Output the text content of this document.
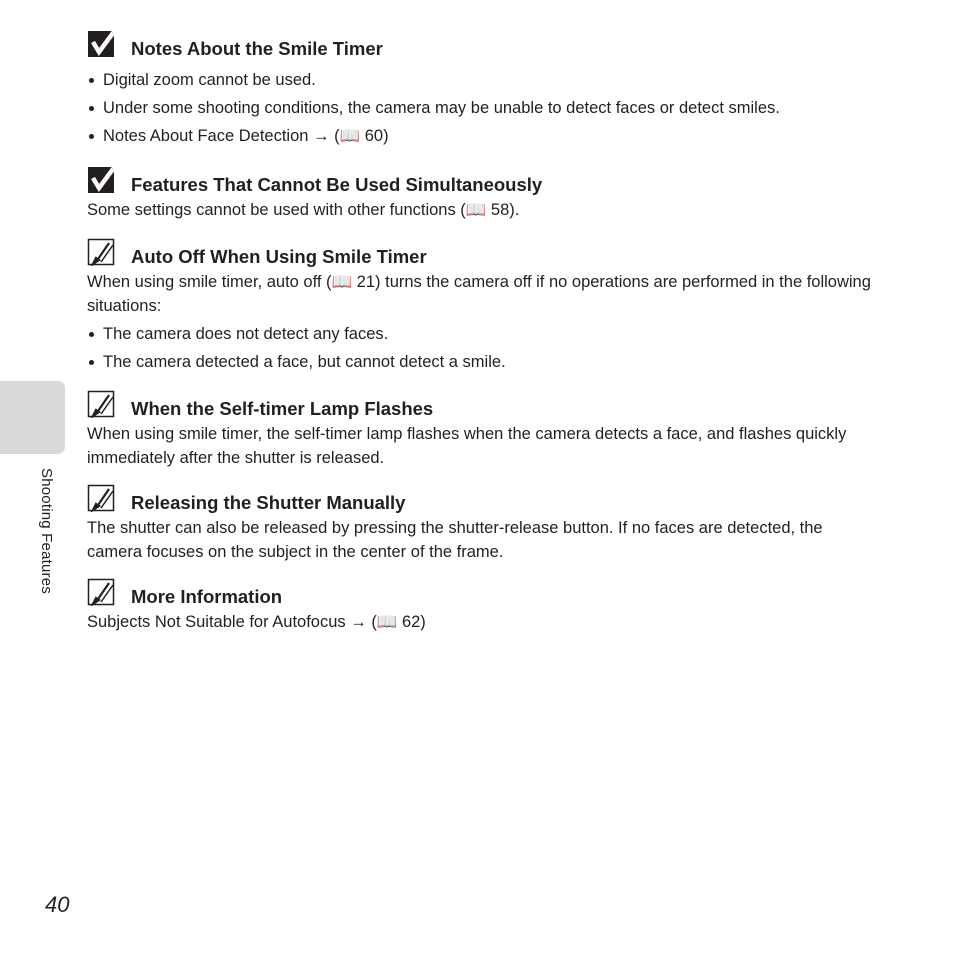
Shooting Features
Notes About the Smile Timer
Digital zoom cannot be used.
Under some shooting conditions, the camera may be unable to detect faces or detect smiles.
Notes About Face Detection → (📖 60)
Features That Cannot Be Used Simultaneously

Some settings cannot be used with other functions (📖 58).

Auto Off When Using Smile Timer

When using smile timer, auto off (📖 21) turns the camera off if no operations are performed in the following situations:

The camera does not detect any faces.
The camera detected a face, but cannot detect a smile.
When the Self-timer Lamp Flashes

When using smile timer, the self-timer lamp flashes when the camera detects a face, and flashes quickly immediately after the shutter is released.

Releasing the Shutter Manually

The shutter can also be released by pressing the shutter-release button. If no faces are detected, the camera focuses on the subject in the center of the frame.

More Information

Subjects Not Suitable for Autofocus → (📖 62)

40
